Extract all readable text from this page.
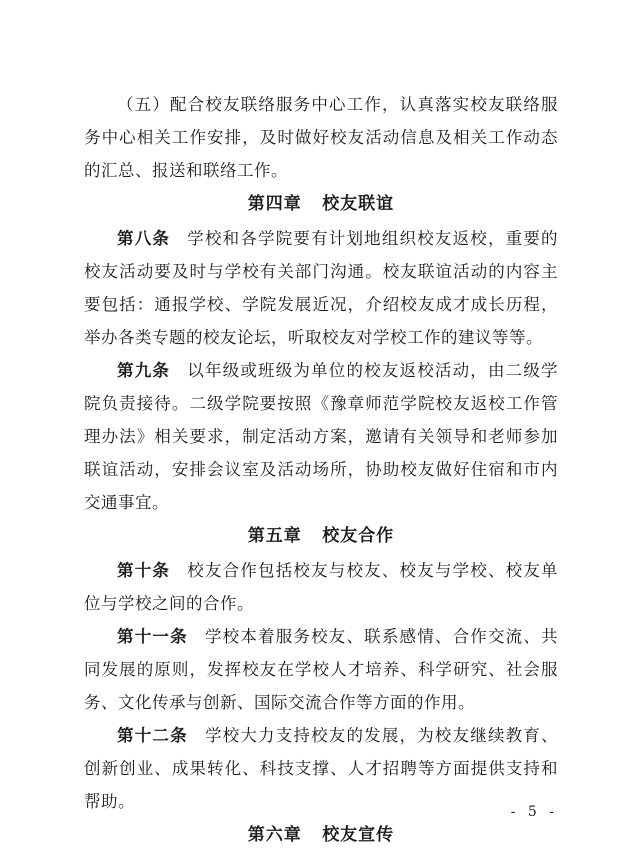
（五）配合校友联络服务中心工作，认真落实校友联络服务中心相关工作安排，及时做好校友活动信息及相关工作动态的汇总、报送和联络工作。

第四章 校友联谊

第八条 学校和各学院要有计划地组织校友返校，重要的校友活动要及时与学校有关部门沟通。校友联谊活动的内容主要包括：通报学校、学院发展近况，介绍校友成才成长历程，举办各类专题的校友论坛，听取校友对学校工作的建议等等。

第九条 以年级或班级为单位的校友返校活动，由二级学院负责接待。二级学院要按照《豫章师范学院校友返校工作管理办法》相关要求，制定活动方案，邀请有关领导和老师参加联谊活动，安排会议室及活动场所，协助校友做好住宿和市内交通事宜。

第五章 校友合作

第十条 校友合作包括校友与校友、校友与学校、校友单位与学校之间的合作。

第十一条 学校本着服务校友、联系感情、合作交流、共同发展的原则，发挥校友在学校人才培养、科学研究、社会服务、文化传承与创新、国际交流合作等方面的作用。

第十二条 学校大力支持校友的发展，为校友继续教育、创新创业、成果转化、科技支撑、人才招聘等方面提供支持和帮助。

第六章 校友宣传
- 5 -
